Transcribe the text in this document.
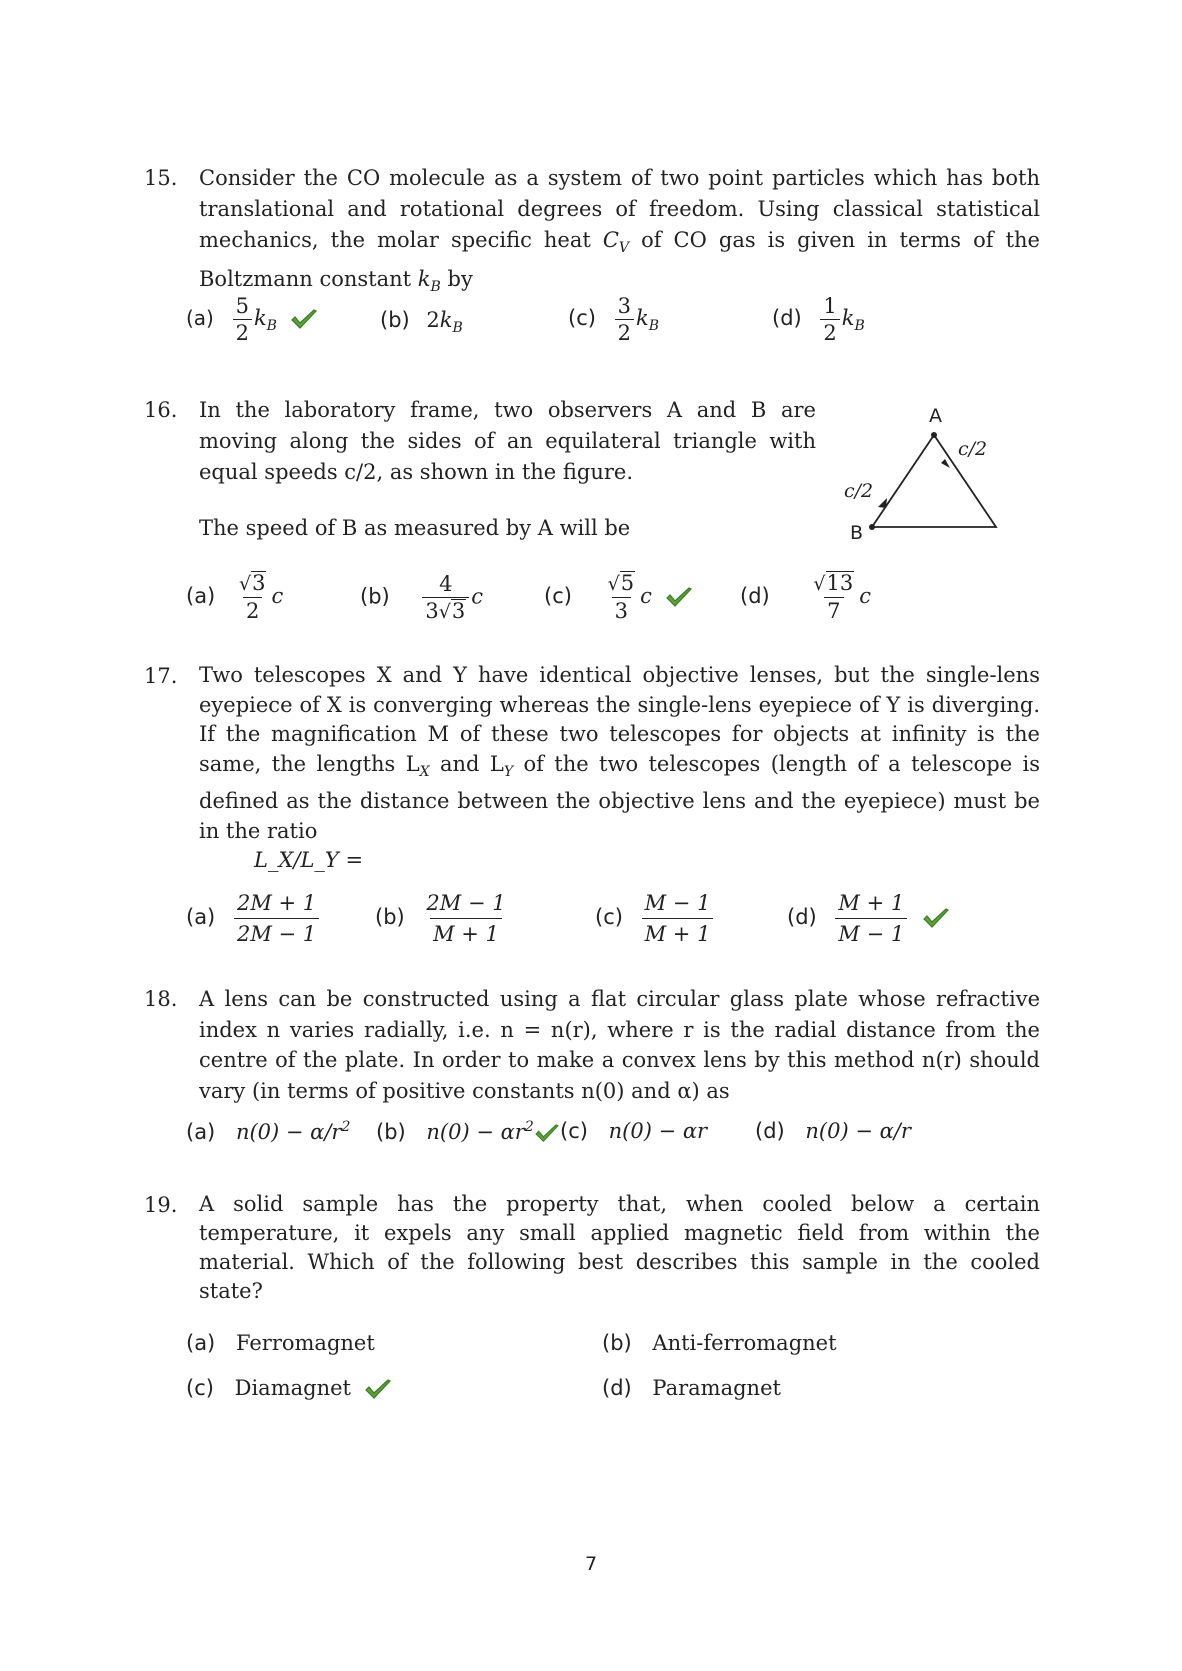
15. Consider the CO molecule as a system of two point particles which has both translational and rotational degrees of freedom. Using classical statistical mechanics, the molar specific heat $C_V$ of CO gas is given in terms of the Boltzmann constant $k_B$ by
$(a) \frac{5}{2} k_B$	(b) $2k_B$	$(c) \frac{3}{2} k_B$	$(d) \frac{1}{2} k_B$
16. In the laboratory frame, two observers A and B are moving along the sides of an equilateral triangle with equal speeds c/2, as shown in the figure.
The speed of B as measured by A will be
A
B
c/2
c/2
$(a) \frac{√ 3}{2}$ c	$(b) \frac{4}{3 √ 3}$ c	$(c) \frac{√ 5}{3}$ c	$(d) \frac{√ 13}{7}$ c
17. Two telescopes X and Y have identical objective lenses, but the single-lens eyepiece of X is converging whereas the single-lens eyepiece of Y is diverging. If the magnification M of these two telescopes for objects at infinity is the same, the lengths $L_X$ and $L_Y$ of the two telescopes (length of a telescope is defined as the distance between the objective lens and the eyepiece) must be in the ratio
L_X/L_Y =
$(a) \frac{2M + 1}{2M - 1}$	$(b) \frac{2M - 1}{M + 1}$	$(c) \frac{M - 1}{M + 1}$	$(d) \frac{M + 1}{M - 1}$

18. A lens can be constructed using a flat circular glass plate whose refractive index n varies radially, i.e. n = n(r), where r is the radial distance from the centre of the plate. In order to make a convex lens by this method n(r) should vary (in terms of positive constants n(0) and α) as
(a) $n(0) - \alpha/r^2$ (b) $n(0) - \alpha r^2$	(c) n(0) − αr (d) n(0) − α/r
19. A solid sample has the property that, when cooled below a certain temperature, it expels any small applied magnetic field from within the material. Which of the following best describes this sample in the cooled state?
(a) Ferromagnet	(b) Anti-ferromagnet
(c) Diamagnet	(d) Paramagnet
7
